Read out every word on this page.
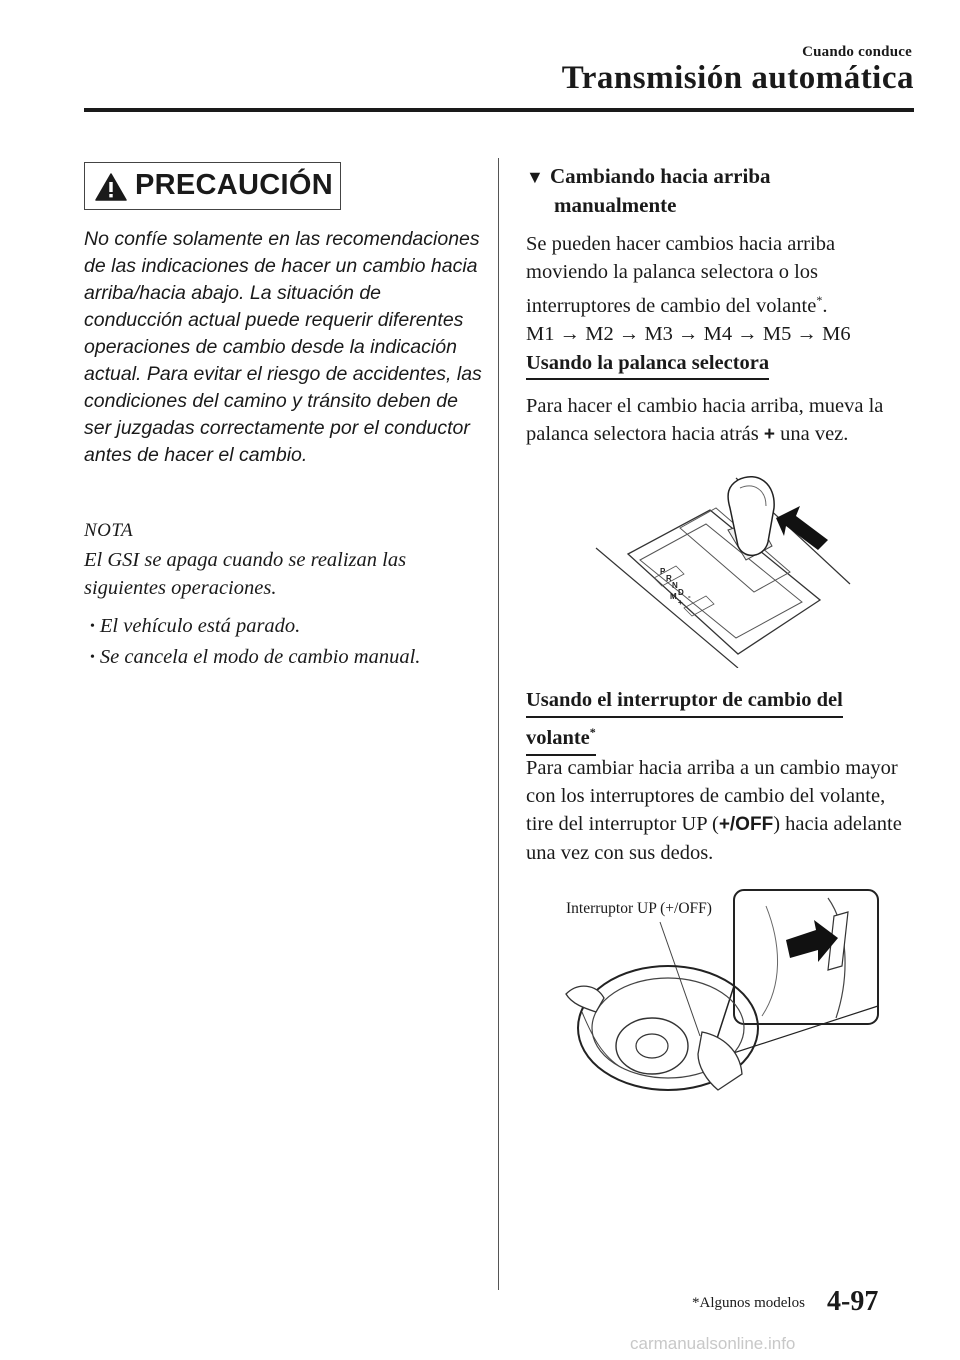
Cuando conduce
Transmisión automática
PRECAUCIÓN
No confíe solamente en las recomendaciones de las indicaciones de hacer un cambio hacia arriba/hacia abajo. La situación de conducción actual puede requerir diferentes operaciones de cambio desde la indicación actual. Para evitar el riesgo de accidentes, las condiciones del camino y tránsito deben de ser juzgadas correctamente por el conductor antes de hacer el cambio.
NOTA
El GSI se apaga cuando se realizan las siguientes operaciones.
• El vehículo está parado.
• Se cancela el modo de cambio manual.
▼ Cambiando hacia arriba
manualmente
Se pueden hacer cambios hacia arriba moviendo la palanca selectora o los interruptores de cambio del volante*.
M1 → M2 → M3 → M4 → M5 → M6
Usando la palanca selectora
Para hacer el cambio hacia arriba, mueva la palanca selectora hacia atrás + una vez.
P
R
N
D
M
+
-
Usando el interruptor de cambio del
volante*
Para cambiar hacia arriba a un cambio mayor con los interruptores de cambio del volante, tire del interruptor UP (+/OFF) hacia adelante una vez con sus dedos.
Interruptor UP (+/OFF)
*Algunos modelos 4-97
carmanualsonline.info
